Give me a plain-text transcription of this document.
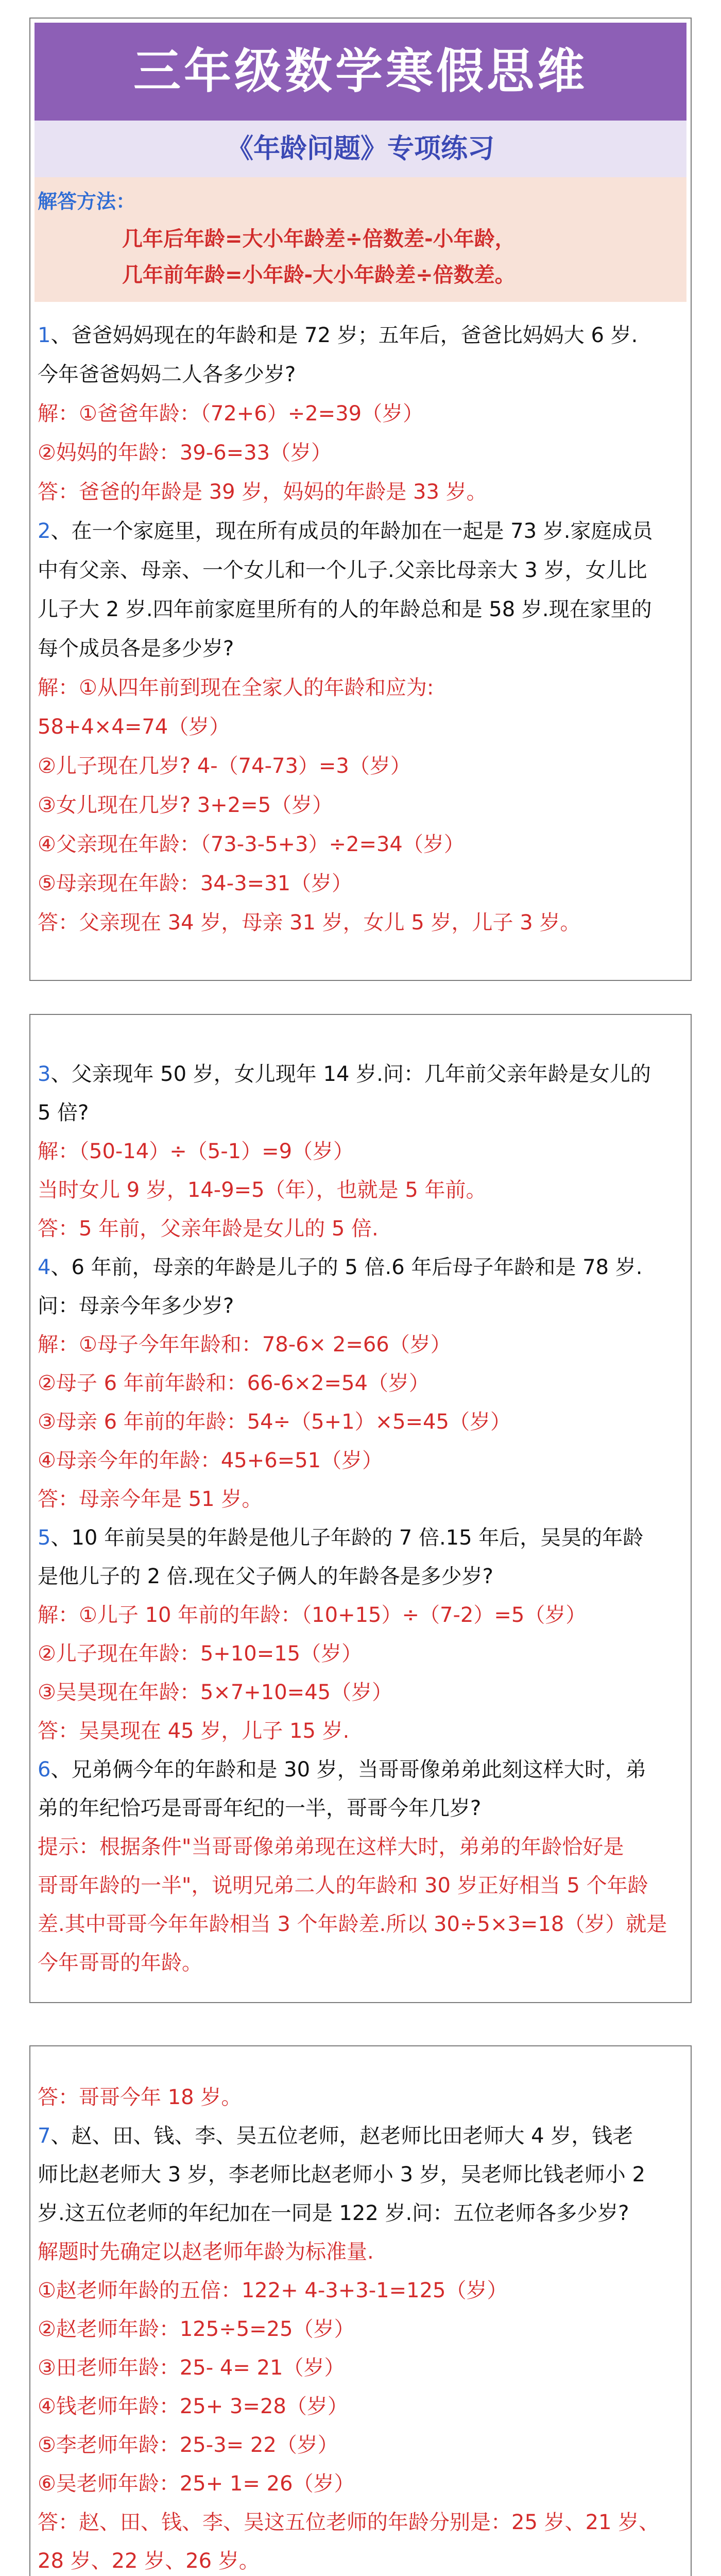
三年级数学寒假思维
《年龄问题》专项练习
解答方法：
几年后年龄=大小年龄差÷倍数差-小年龄，
几年前年龄=小年龄-大小年龄差÷倍数差。
1、爸爸妈妈现在的年龄和是 72 岁；五年后，爸爸比妈妈大 6 岁.
今年爸爸妈妈二人各多少岁?
解：①爸爸年龄：（72+6）÷2=39（岁）
②妈妈的年龄：39-6=33（岁）
答：爸爸的年龄是 39 岁，妈妈的年龄是 33 岁。
2、在一个家庭里，现在所有成员的年龄加在一起是 73 岁.家庭成员
中有父亲、母亲、一个女儿和一个儿子.父亲比母亲大 3 岁，女儿比
儿子大 2 岁.四年前家庭里所有的人的年龄总和是 58 岁.现在家里的
每个成员各是多少岁?
解：①从四年前到现在全家人的年龄和应为:
58+4×4=74（岁）
②儿子现在几岁? 4-（74-73）=3（岁）
③女儿现在几岁? 3+2=5（岁）
④父亲现在年龄：（73-3-5+3）÷2=34（岁）
⑤母亲现在年龄：34-3=31（岁）
答：父亲现在 34 岁，母亲 31 岁，女儿 5 岁，儿子 3 岁。
3、父亲现年 50 岁，女儿现年 14 岁.问：几年前父亲年龄是女儿的
5 倍?
解：（50-14）÷（5-1）=9（岁）
当时女儿 9 岁，14-9=5（年），也就是 5 年前。
答：5 年前，父亲年龄是女儿的 5 倍.
4、6 年前，母亲的年龄是儿子的 5 倍.6 年后母子年龄和是 78 岁.
问：母亲今年多少岁?
解：①母子今年年龄和：78-6× 2=66（岁）
②母子 6 年前年龄和：66-6×2=54（岁）
③母亲 6 年前的年龄：54÷（5+1）×5=45（岁）
④母亲今年的年龄：45+6=51（岁）
答：母亲今年是 51 岁。
5、10 年前吴昊的年龄是他儿子年龄的 7 倍.15 年后，吴昊的年龄
是他儿子的 2 倍.现在父子俩人的年龄各是多少岁?
解：①儿子 10 年前的年龄：（10+15）÷（7-2）=5（岁）
②儿子现在年龄：5+10=15（岁）
③吴昊现在年龄：5×7+10=45（岁）
答：吴昊现在 45 岁，儿子 15 岁.
6、兄弟俩今年的年龄和是 30 岁，当哥哥像弟弟此刻这样大时，弟
弟的年纪恰巧是哥哥年纪的一半，哥哥今年几岁?
提示：根据条件"当哥哥像弟弟现在这样大时，弟弟的年龄恰好是
哥哥年龄的一半"，说明兄弟二人的年龄和 30 岁正好相当 5 个年龄
差.其中哥哥今年年龄相当 3 个年龄差.所以 30÷5×3=18（岁）就是
今年哥哥的年龄。
答：哥哥今年 18 岁。
7、赵、田、钱、李、吴五位老师，赵老师比田老师大 4 岁，钱老
师比赵老师大 3 岁，李老师比赵老师小 3 岁，吴老师比钱老师小 2
岁.这五位老师的年纪加在一同是 122 岁.问：五位老师各多少岁?
解题时先确定以赵老师年龄为标准量.
①赵老师年龄的五倍：122+ 4-3+3-1=125（岁）
②赵老师年龄：125÷5=25（岁）
③田老师年龄：25- 4= 21（岁）
④钱老师年龄：25+ 3=28（岁）
⑤李老师年龄：25-3= 22（岁）
⑥吴老师年龄：25+ 1= 26（岁）
答：赵、田、钱、李、吴这五位老师的年龄分别是：25 岁、21 岁、
28 岁、22 岁、26 岁。
